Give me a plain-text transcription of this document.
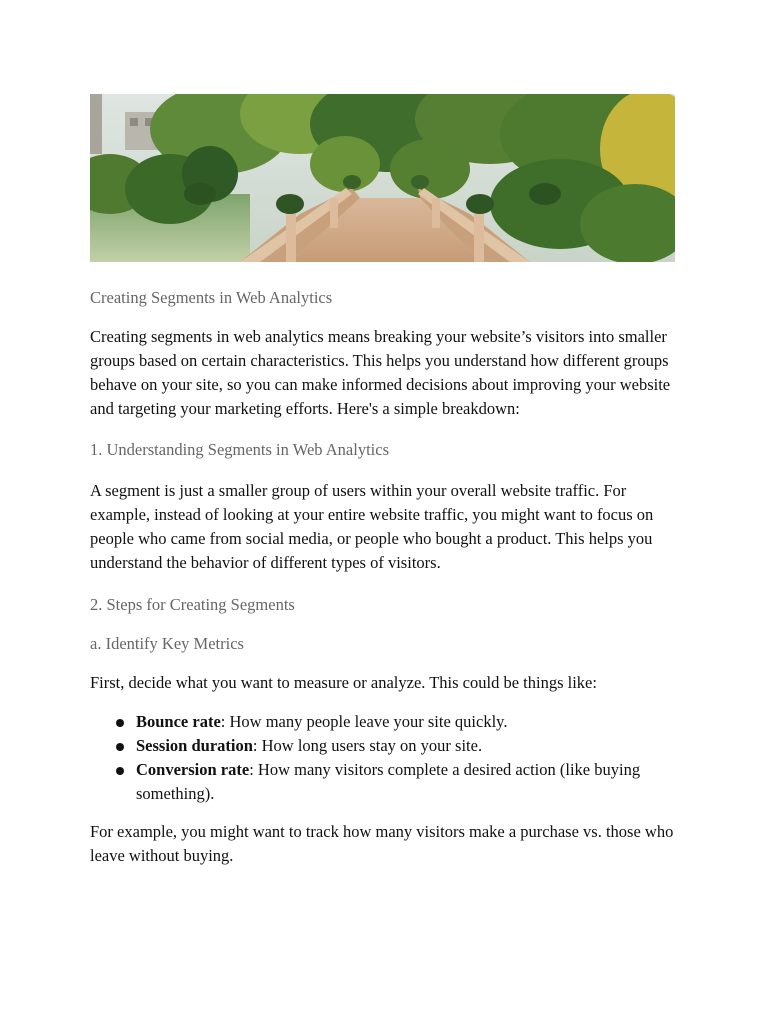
Creating Segments in Web Analytics

Creating segments in web analytics means breaking your website’s visitors into smaller groups based on certain characteristics. This helps you understand how different groups behave on your site, so you can make informed decisions about improving your website and targeting your marketing efforts. Here's a simple breakdown:

1. Understanding Segments in Web Analytics

A segment is just a smaller group of users within your overall website traffic. For example, instead of looking at your entire website traffic, you might want to focus on people who came from social media, or people who bought a product. This helps you understand the behavior of different types of visitors.

2. Steps for Creating Segments
a. Identify Key Metrics

First, decide what you want to measure or analyze. This could be things like:

Bounce rate: How many people leave your site quickly.
Session duration: How long users stay on your site.
Conversion rate: How many visitors complete a desired action (like buying something).

For example, you might want to track how many visitors make a purchase vs. those who leave without buying.
